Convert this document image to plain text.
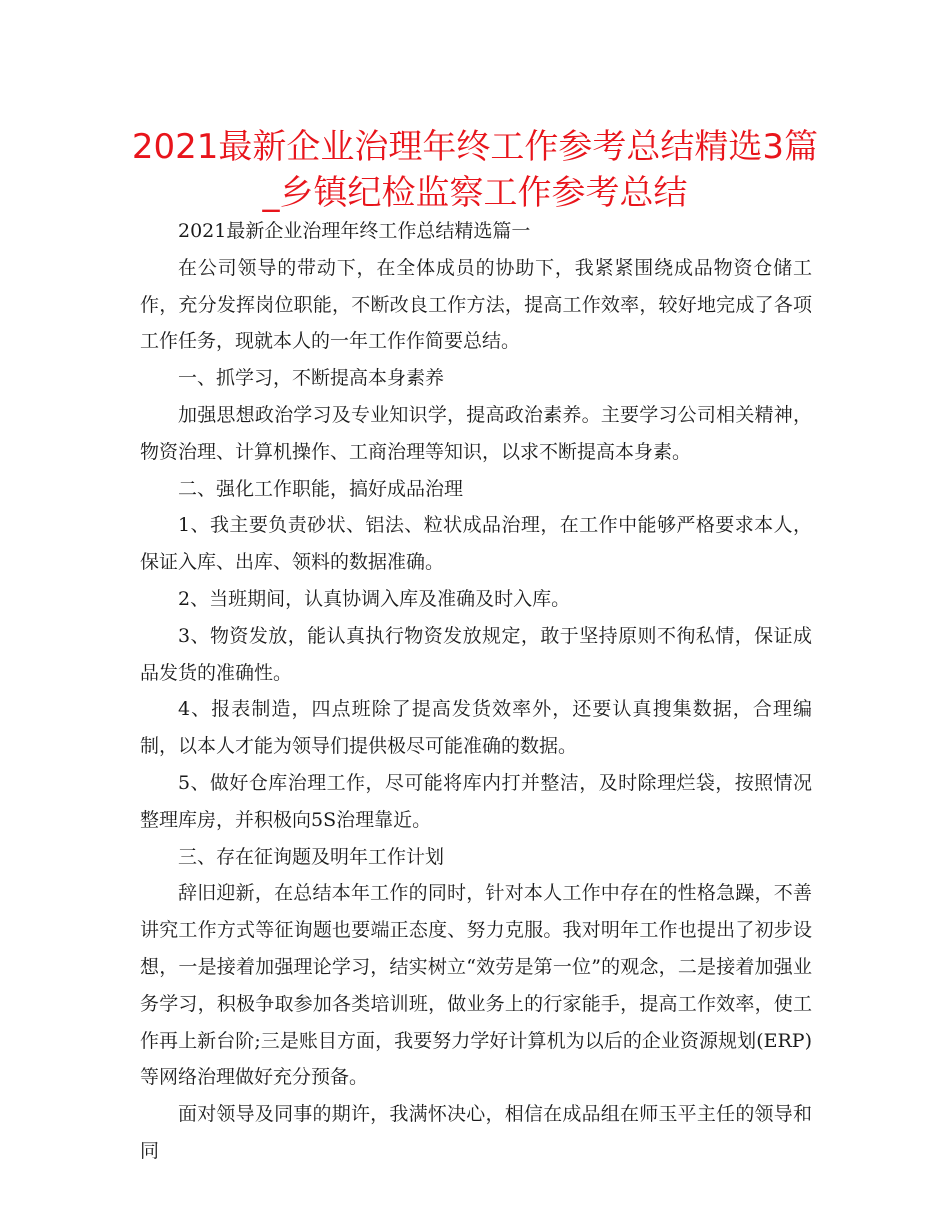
2021最新企业治理年终工作参考总结精选3篇_乡镇纪检监察工作参考总结

2021最新企业治理年终工作总结精选篇一

在公司领导的带动下，在全体成员的协助下，我紧紧围绕成品物资仓储工作，充分发挥岗位职能，不断改良工作方法，提高工作效率，较好地完成了各项工作任务，现就本人的一年工作作简要总结。

一、抓学习，不断提高本身素养

加强思想政治学习及专业知识学，提高政治素养。主要学习公司相关精神，物资治理、计算机操作、工商治理等知识，以求不断提高本身素。

二、强化工作职能，搞好成品治理

1、我主要负责砂状、铝法、粒状成品治理，在工作中能够严格要求本人，保证入库、出库、领料的数据准确。

2、当班期间，认真协调入库及准确及时入库。

3、物资发放，能认真执行物资发放规定，敢于坚持原则不徇私情，保证成品发货的准确性。

4、报表制造，四点班除了提高发货效率外，还要认真搜集数据，合理编制，以本人才能为领导们提供极尽可能准确的数据。

5、做好仓库治理工作，尽可能将库内打并整洁，及时除理烂袋，按照情况整理库房，并积极向5S治理靠近。

三、存在征询题及明年工作计划

辞旧迎新，在总结本年工作的同时，针对本人工作中存在的性格急躁，不善讲究工作方式等征询题也要端正态度、努力克服。我对明年工作也提出了初步设想，一是接着加强理论学习，结实树立“效劳是第一位”的观念，二是接着加强业务学习，积极争取参加各类培训班，做业务上的行家能手，提高工作效率，使工作再上新台阶;三是账目方面，我要努力学好计算机为以后的企业资源规划(ERP)等网络治理做好充分预备。

面对领导及同事的期许，我满怀决心，相信在成品组在师玉平主任的领导和同
